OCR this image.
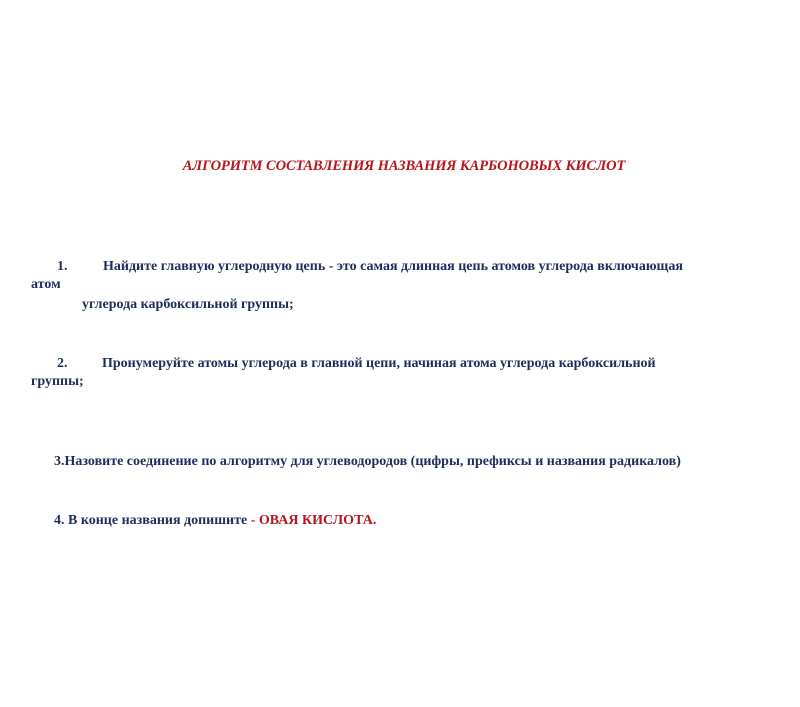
АЛГОРИТМ СОСТАВЛЕНИЯ НАЗВАНИЯ КАРБОНОВЫХ КИСЛОТ
1.	Найдите главную углеродную цепь - это самая длинная цепь атомов углерода включающая
атом
углерода карбоксильной группы;
2. Пронумеруйте атомы углерода в главной цепи, начиная атома углерода карбоксильной
группы;
3.Назовите соединение по алгоритму для углеводородов (цифры, префиксы и названия радикалов)
4. В конце названия допишите - ОВАЯ КИСЛОТА.
